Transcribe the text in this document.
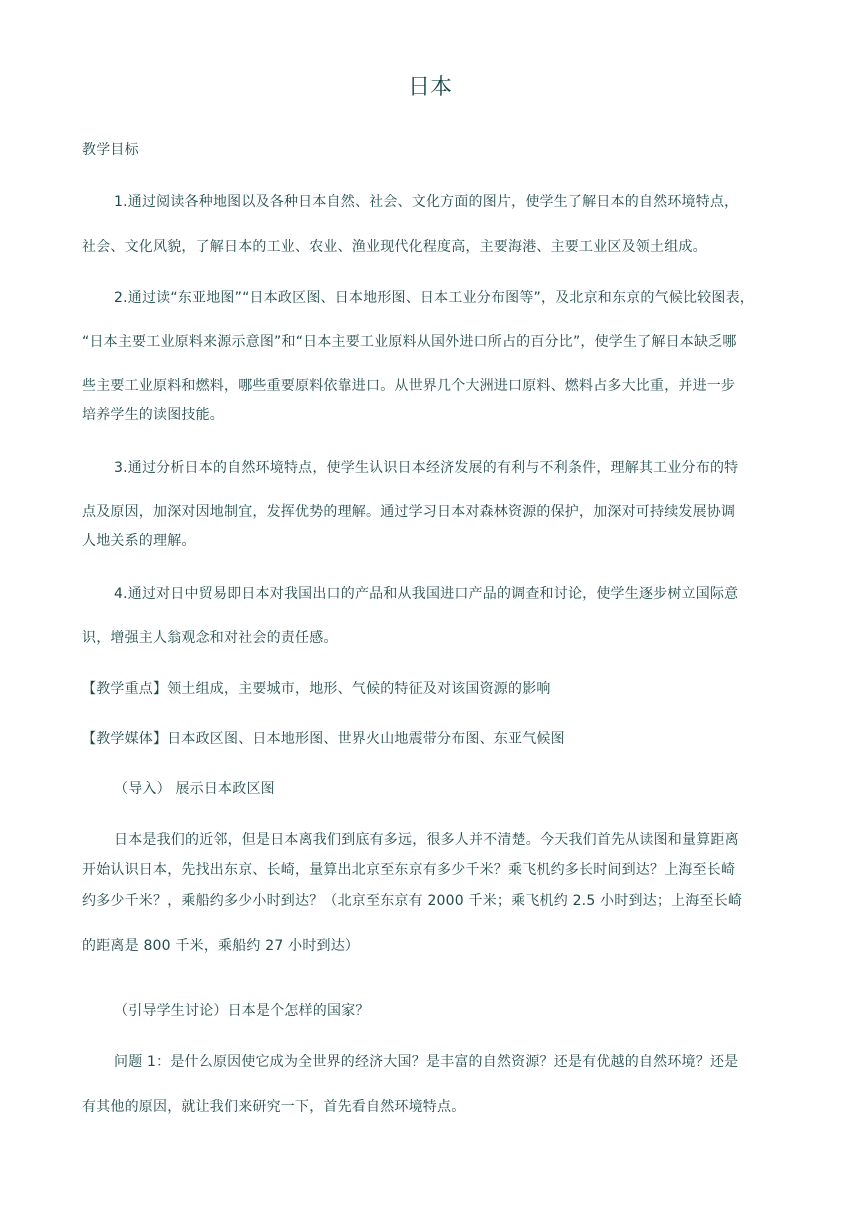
日本

教学目标

1.通过阅读各种地图以及各种日本自然、社会、文化方面的图片，使学生了解日本的自然环境特点，

社会、文化风貌，了解日本的工业、农业、渔业现代化程度高，主要海港、主要工业区及领土组成。

2.通过读“东亚地图”“日本政区图、日本地形图、日本工业分布图等”，及北京和东京的气候比较图表，

“日本主要工业原料来源示意图”和“日本主要工业原料从国外进口所占的百分比”，使学生了解日本缺乏哪

些主要工业原料和燃料，哪些重要原料依靠进口。从世界几个大洲进口原料、燃料占多大比重，并进一步

培养学生的读图技能。

3.通过分析日本的自然环境特点，使学生认识日本经济发展的有利与不利条件，理解其工业分布的特

点及原因，加深对因地制宜，发挥优势的理解。通过学习日本对森林资源的保护，加深对可持续发展协调

人地关系的理解。

4.通过对日中贸易即日本对我国出口的产品和从我国进口产品的调查和讨论，使学生逐步树立国际意

识，增强主人翁观念和对社会的责任感。

【教学重点】领土组成，主要城市，地形、气候的特征及对该国资源的影响

【教学媒体】日本政区图、日本地形图、世界火山地震带分布图、东亚气候图

（导入） 展示日本政区图

日本是我们的近邻，但是日本离我们到底有多远，很多人并不清楚。今天我们首先从读图和量算距离

开始认识日本，先找出东京、长崎，量算出北京至东京有多少千米？乘飞机约多长时间到达？上海至长崎

约多少千米？，乘船约多少小时到达？（北京至东京有 2000 千米；乘飞机约 2.5 小时到达；上海至长崎

的距离是 800 千米，乘船约 27 小时到达）

（引导学生讨论）日本是个怎样的国家？

问题 1：是什么原因使它成为全世界的经济大国？是丰富的自然资源？还是有优越的自然环境？还是

有其他的原因，就让我们来研究一下，首先看自然环境特点。
